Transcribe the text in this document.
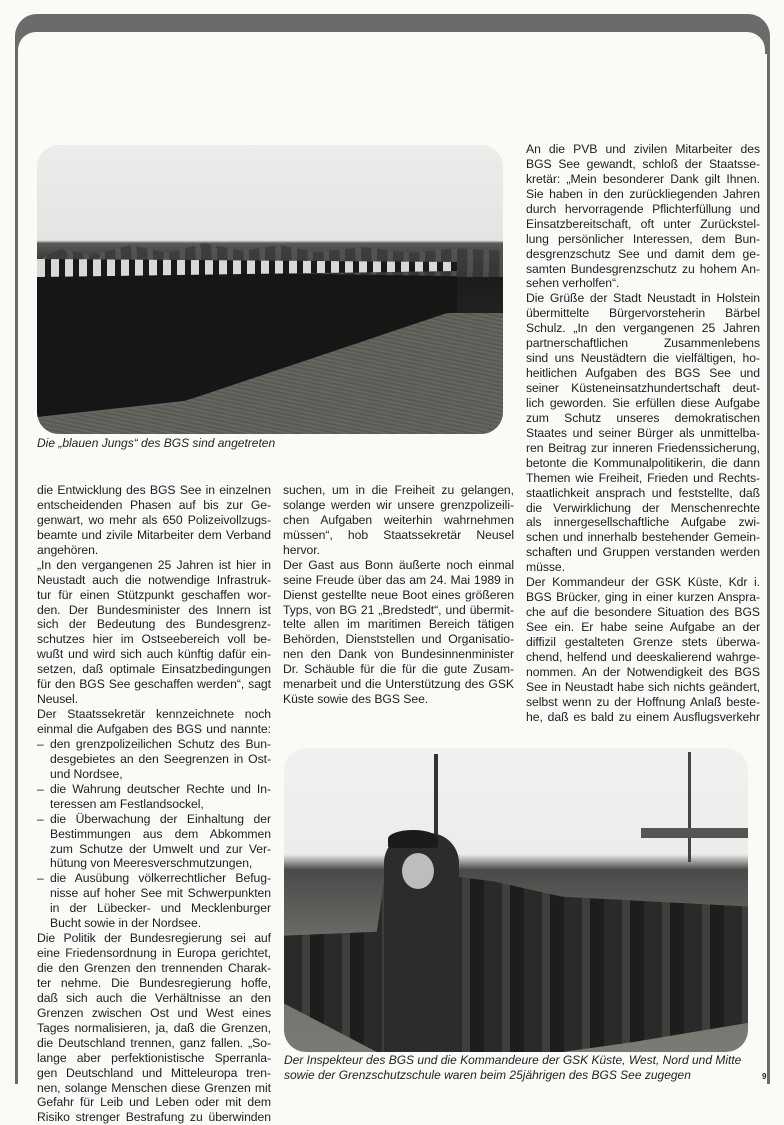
Die „blauen Jungs“ des BGS sind angetreten
die Entwicklung des BGS See in einzelnen
entscheidenden Phasen auf bis zur Ge-
genwart, wo mehr als 650 Polizeivollzugs-
beamte und zivile Mitarbeiter dem Verband
angehören.
„In den vergangenen 25 Jahren ist hier in
Neustadt auch die notwendige Infrastruk-
tur für einen Stützpunkt geschaffen wor-
den. Der Bundesminister des Innern ist
sich der Bedeutung des Bundesgrenz-
schutzes hier im Ostseebereich voll be-
wußt und wird sich auch künftig dafür ein-
setzen, daß optimale Einsatzbedingungen
für den BGS See geschaffen werden“, sagt
Neusel.
Der Staatssekretär kennzeichnete noch
einmal die Aufgaben des BGS und nannte:
– den grenzpolizeilichen Schutz des Bun-
desgebietes an den Seegrenzen in Ost-
und Nordsee,
– die Wahrung deutscher Rechte und In-
teressen am Festlandsockel,
– die Überwachung der Einhaltung der
Bestimmungen aus dem Abkommen
zum Schutze der Umwelt und zur Ver-
hütung von Meeresverschmutzungen,
– die Ausübung völkerrechtlicher Befug-
nisse auf hoher See mit Schwerpunkten
in der Lübecker- und Mecklenburger
Bucht sowie in der Nordsee.
Die Politik der Bundesregierung sei auf
eine Friedensordnung in Europa gerichtet,
die den Grenzen den trennenden Charak-
ter nehme. Die Bundesregierung hoffe,
daß sich auch die Verhältnisse an den
Grenzen zwischen Ost und West eines
Tages normalisieren, ja, daß die Grenzen,
die Deutschland trennen, ganz fallen. „So-
lange aber perfektionistische Sperranla-
gen Deutschland und Mitteleuropa tren-
nen, solange Menschen diese Grenzen mit
Gefahr für Leib und Leben oder mit dem
Risiko strenger Bestrafung zu überwinden
suchen, um in die Freiheit zu gelangen,
solange werden wir unsere grenzpolizeili-
chen Aufgaben weiterhin wahrnehmen
müssen“, hob Staatssekretär Neusel
hervor.
Der Gast aus Bonn äußerte noch einmal
seine Freude über das am 24. Mai 1989 in
Dienst gestellte neue Boot eines größeren
Typs, von BG 21 „Bredstedt“, und übermit-
telte allen im maritimen Bereich tätigen
Behörden, Dienststellen und Organisatio-
nen den Dank von Bundesinnenminister
Dr. Schäuble für die für die gute Zusam-
menarbeit und die Unterstützung des GSK
Küste sowie des BGS See.
An die PVB und zivilen Mitarbeiter des
BGS See gewandt, schloß der Staatsse-
kretär: „Mein besonderer Dank gilt Ihnen.
Sie haben in den zurückliegenden Jahren
durch hervorragende Pflichterfüllung und
Einsatzbereitschaft, oft unter Zurückstel-
lung persönlicher Interessen, dem Bun-
desgrenzschutz See und damit dem ge-
samten Bundesgrenzschutz zu hohem An-
sehen verholfen“.
Die Grüße der Stadt Neustadt in Holstein
übermittelte Bürgervorsteherin Bärbel
Schulz. „In den vergangenen 25 Jahren
partnerschaftlichen Zusammenlebens
sind uns Neustädtern die vielfältigen, ho-
heitlichen Aufgaben des BGS See und
seiner Küsteneinsatzhundertschaft deut-
lich geworden. Sie erfüllen diese Aufgabe
zum Schutz unseres demokratischen
Staates und seiner Bürger als unmittelba-
ren Beitrag zur inneren Friedenssicherung,
betonte die Kommunalpolitikerin, die dann
Themen wie Freiheit, Frieden und Rechts-
staatlichkeit ansprach und feststellte, daß
die Verwirklichung der Menschenrechte
als innergesellschaftliche Aufgabe zwi-
schen und innerhalb bestehender Gemein-
schaften und Gruppen verstanden werden
müsse.
Der Kommandeur der GSK Küste, Kdr i.
BGS Brücker, ging in einer kurzen Anspra-
che auf die besondere Situation des BGS
See ein. Er habe seine Aufgabe an der
diffizil gestalteten Grenze stets überwa-
chend, helfend und deeskalierend wahrge-
nommen. An der Notwendigkeit des BGS
See in Neustadt habe sich nichts geändert,
selbst wenn zu der Hoffnung Anlaß beste-
he, daß es bald zu einem Ausflugsverkehr
Der Inspekteur des BGS und die Kommandeure der GSK Küste, West, Nord und Mitte
sowie der Grenzschutzschule waren beim 25jährigen des BGS See zugegen	9
